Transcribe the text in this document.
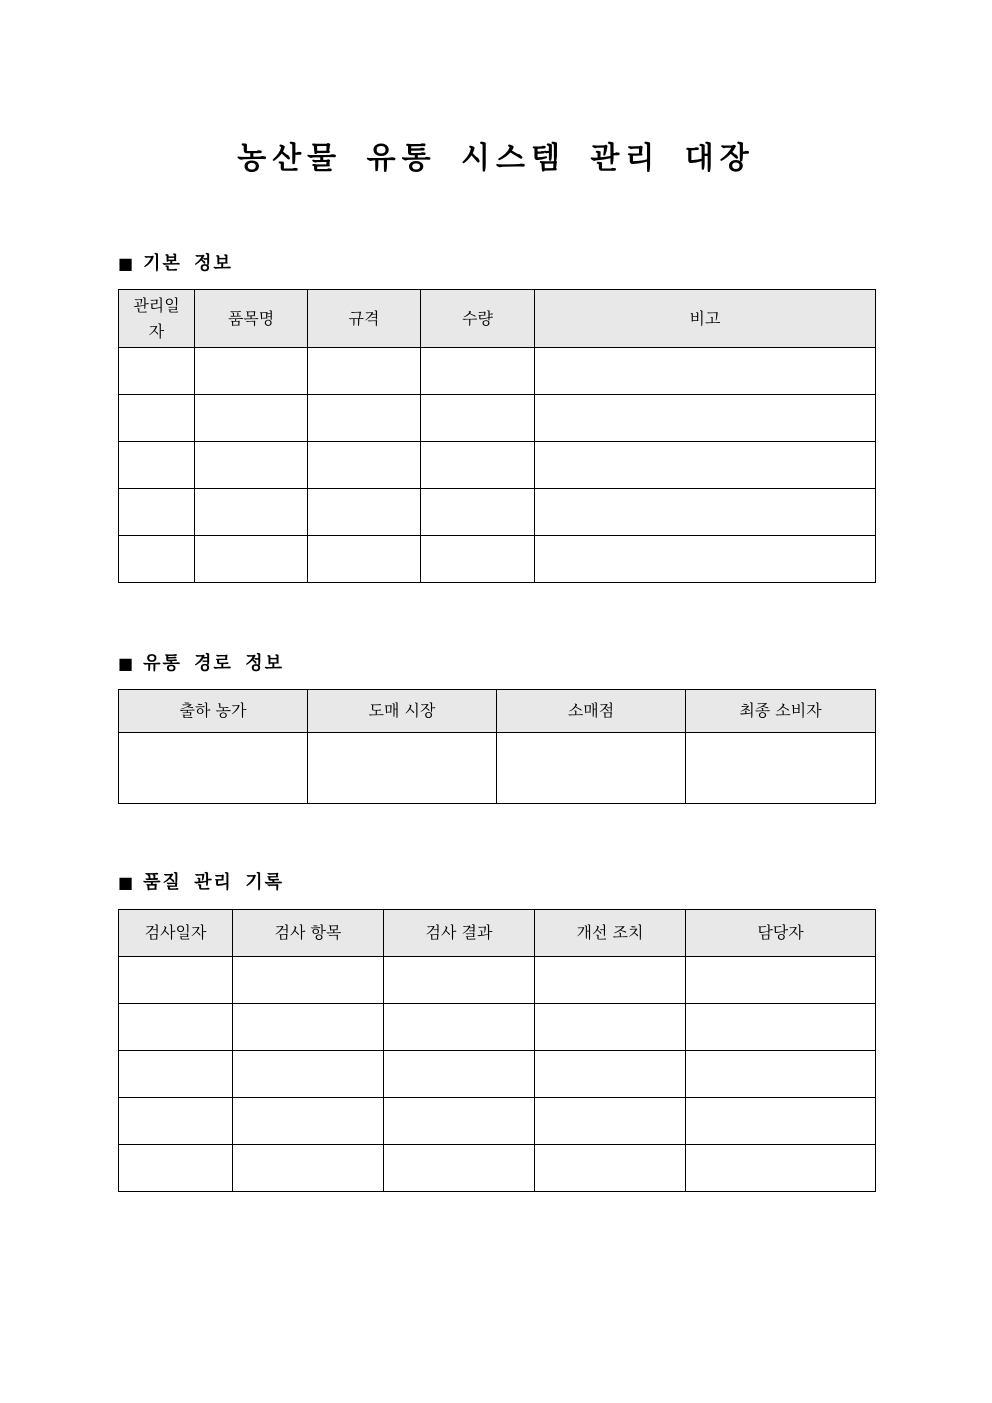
농산물 유통 시스템 관리 대장
■ 기본 정보
관리일자	품목명	규격	수량	비고

■ 유통 경로 정보
출하 농가	도매 시장	소매점	최종 소비자

■ 품질 관리 기록
검사일자	검사 항목	검사 결과	개선 조치	담당자
